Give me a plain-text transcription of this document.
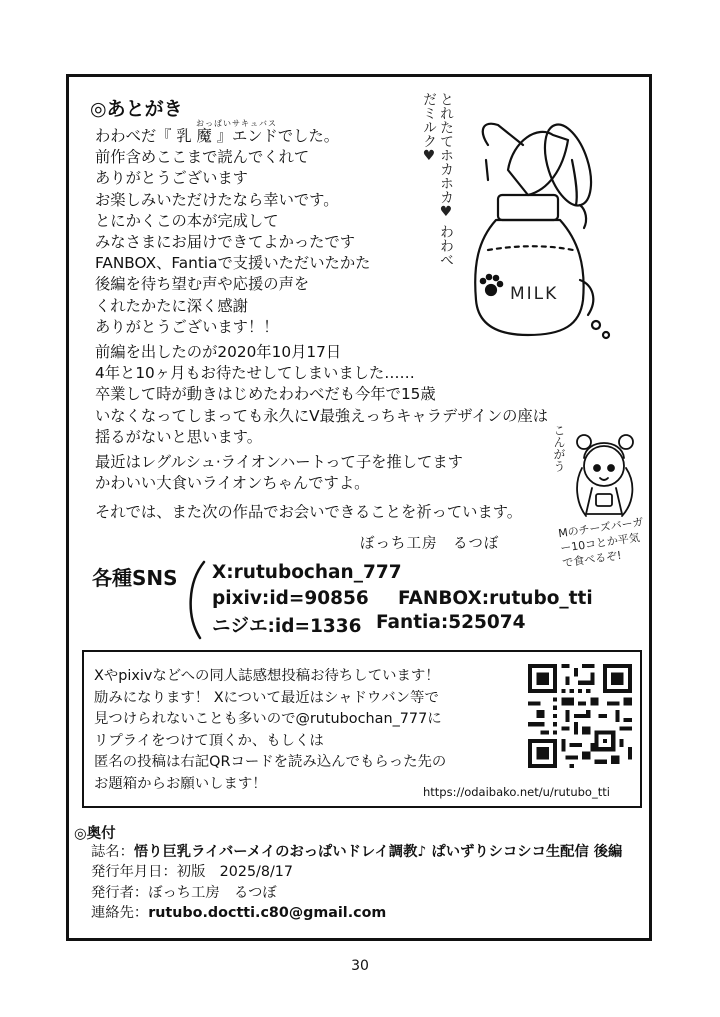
◎あとがき
おっぱいサキュバス
わわべだ『 乳 魔 』エンドでした。
前作含めここまで読んでくれて
ありがとうございます
お楽しみいただけたなら幸いです。
とにかくこの本が完成して
みなさまにお届けできてよかったです
FANBOX、Fantiaで支援いただいたかた
後編を待ち望む声や応援の声を
くれたかたに深く感謝
ありがとうございます！！
前編を出したのが2020年10月17日
4年と10ヶ月もお待たせしてしまいました……
卒業して時が動きはじめたわわべだも今年で15歳
いなくなってしまっても永久にV最強えっちキャラデザインの座は
揺るがないと思います。
最近はレグルシュ·ライオンハートって子を推してます
かわいい大食いライオンちゃんですよ。
それでは、また次の作品でお会いできることを祈っています。
ぼっち工房　るつぼ
MILK
とれたてホカホカ♥ わわべだミルク♥
こんがう
Mのチーズバーガー10コとか平気で食べるぞ!
各種SNS X:rutubochan_777
pixiv:id=90856 FANBOX:rutubo_tti
ニジエ:id=1336 Fantia:525074
Xやpixivなどへの同人誌感想投稿お待ちしています！
励みになります！ Xについて最近はシャドウバン等で
見つけられないことも多いので@rutubochan_777に
リプライをつけて頂くか、もしくは
匿名の投稿は右記QRコードを読み込んでもらった先の
お題箱からお願いします！
https://odaibako.net/u/rutubo_tti
◎奥付
誌名：悟り巨乳ライバーメイのおっぱいドレイ調教♪ ぱいずりシコシコ生配信 後編
発行年月日：初版　2025/8/17
発行者：ぼっち工房　るつぼ
連絡先：rutubo.doctti.c80@gmail.com
30
